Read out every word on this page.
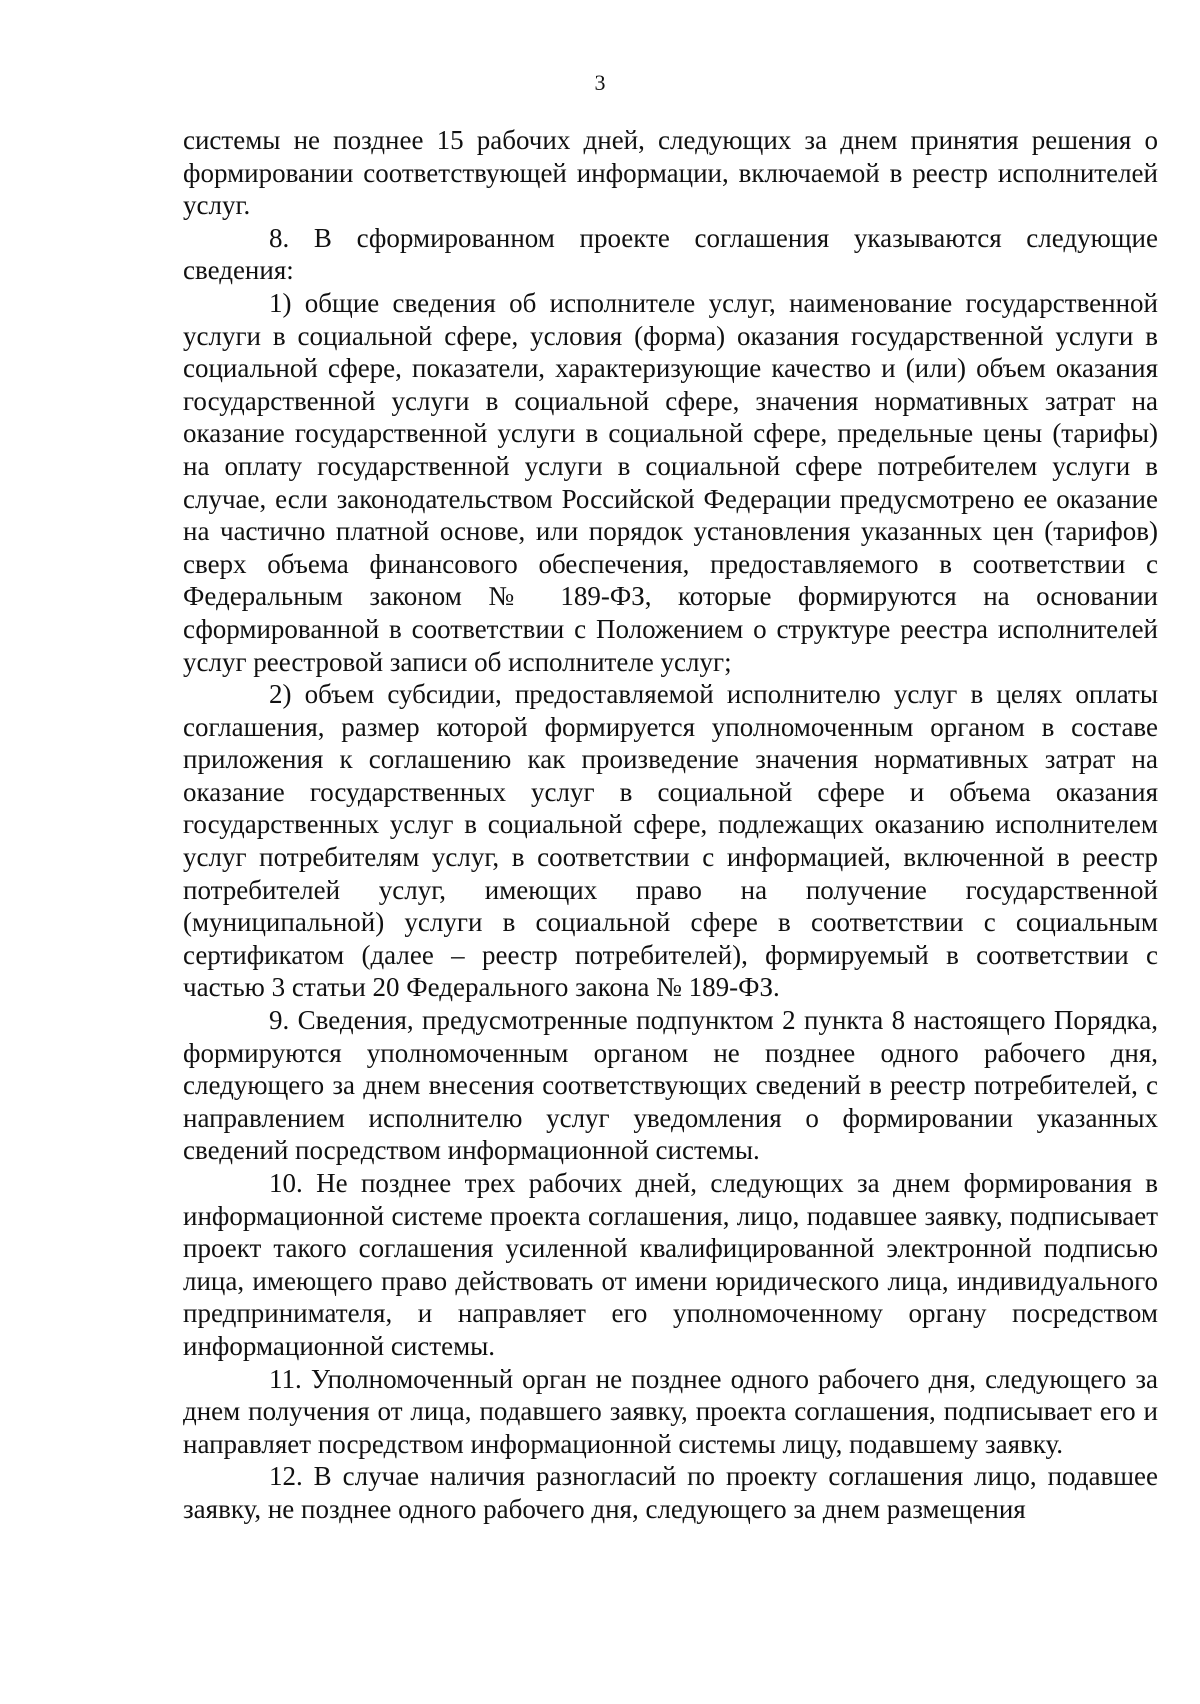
3

системы не позднее 15 рабочих дней, следующих за днем принятия решения о формировании соответствующей информации, включаемой в реестр исполнителей услуг.

8. В сформированном проекте соглашения указываются следующие сведения:

1) общие сведения об исполнителе услуг, наименование государственной услуги в социальной сфере, условия (форма) оказания государственной услуги в социальной сфере, показатели, характеризующие качество и (или) объем оказания государственной услуги в социальной сфере, значения нормативных затрат на оказание государственной услуги в социальной сфере, предельные цены (тарифы) на оплату государственной услуги в социальной сфере потребителем услуги в случае, если законодательством Российской Федерации предусмотрено ее оказание на частично платной основе, или порядок установления указанных цен (тарифов) сверх объема финансового обеспечения, предоставляемого в соответствии с Федеральным законом № 189-ФЗ, которые формируются на основании сформированной в соответствии с Положением о структуре реестра исполнителей услуг реестровой записи об исполнителе услуг;

2) объем субсидии, предоставляемой исполнителю услуг в целях оплаты соглашения, размер которой формируется уполномоченным органом в составе приложения к соглашению как произведение значения нормативных затрат на оказание государственных услуг в социальной сфере и объема оказания государственных услуг в социальной сфере, подлежащих оказанию исполнителем услуг потребителям услуг, в соответствии с информацией, включенной в реестр потребителей услуг, имеющих право на получение государственной (муниципальной) услуги в социальной сфере в соответствии с социальным сертификатом (далее – реестр потребителей), формируемый в соответствии с частью 3 статьи 20 Федерального закона № 189-ФЗ.

9. Сведения, предусмотренные подпунктом 2 пункта 8 настоящего Порядка, формируются уполномоченным органом не позднее одного рабочего дня, следующего за днем внесения соответствующих сведений в реестр потребителей, с направлением исполнителю услуг уведомления о формировании указанных сведений посредством информационной системы.

10. Не позднее трех рабочих дней, следующих за днем формирования в информационной системе проекта соглашения, лицо, подавшее заявку, подписывает проект такого соглашения усиленной квалифицированной электронной подписью лица, имеющего право действовать от имени юридического лица, индивидуального предпринимателя, и направляет его уполномоченному органу посредством информационной системы.

11. Уполномоченный орган не позднее одного рабочего дня, следующего за днем получения от лица, подавшего заявку, проекта соглашения, подписывает его и направляет посредством информационной системы лицу, подавшему заявку.

12. В случае наличия разногласий по проекту соглашения лицо, подавшее заявку, не позднее одного рабочего дня, следующего за днем размещения
